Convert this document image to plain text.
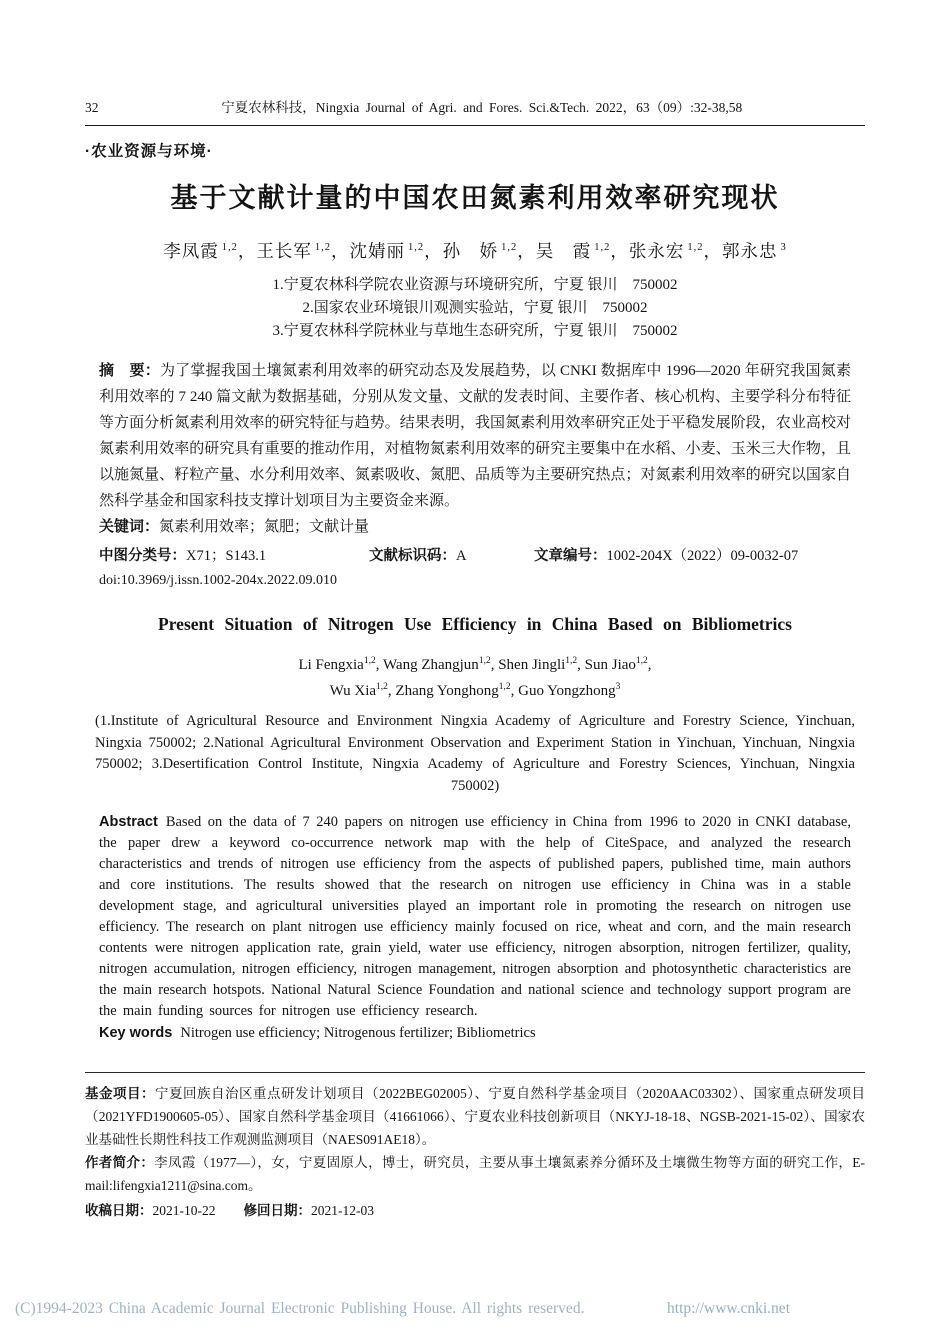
32	宁夏农林科技，Ningxia Journal of Agri. and Fores. Sci.&Tech. 2022，63（09）:32-38,58
·农业资源与环境·
基于文献计量的中国农田氮素利用效率研究现状
李凤霞 $^{1,2}$，王长军 $^{1,2}$，沈婧丽 $^{1,2}$，孙　娇 $^{1,2}$，吴　霞 $^{1,2}$，张永宏 $^{1,2}$，郭永忠 $^3$
1.宁夏农林科学院农业资源与环境研究所，宁夏 银川　750002
2.国家农业环境银川观测实验站，宁夏 银川　750002
3.宁夏农林科学院林业与草地生态研究所，宁夏 银川　750002

摘　要：为了掌握我国土壤氮素利用效率的研究动态及发展趋势，以 CNKI 数据库中 1996—2020 年研究我国氮素利用效率的 7 240 篇文献为数据基础，分别从发文量、文献的发表时间、主要作者、核心机构、主要学科分布特征等方面分析氮素利用效率的研究特征与趋势。结果表明，我国氮素利用效率研究正处于平稳发展阶段，农业高校对氮素利用效率的研究具有重要的推动作用，对植物氮素利用效率的研究主要集中在水稻、小麦、玉米三大作物，且以施氮量、籽粒产量、水分利用效率、氮素吸收、氮肥、品质等为主要研究热点；对氮素利用效率的研究以国家自然科学基金和国家科技支撑计划项目为主要资金来源。

关键词：氮素利用效率；氮肥；文献计量

中图分类号：X71；S143.1	文献标识码：A	文章编号：1002-204X（2022）09-0032-07
doi:10.3969/j.issn.1002-204x.2022.09.010
Present Situation of Nitrogen Use Efficiency in China Based on Bibliometrics
Li Fengxia$^{1,2}$, Wang Zhangjun$^{1,2}$, Shen Jingli$^{1,2}$, Sun Jiao$^{1,2}$,
Wu Xia$^{1,2}$, Zhang Yonghong$^{1,2}$, Guo Yongzhong$^3$
(1.Institute of Agricultural Resource and Environment Ningxia Academy of Agriculture and Forestry Science, Yinchuan, Ningxia 750002; 2.National Agricultural Environment Observation and Experiment Station in Yinchuan, Yinchuan, Ningxia 750002; 3.Desertification Control Institute, Ningxia Academy of Agriculture and Forestry Sciences, Yinchuan, Ningxia 750002)

Abstract Based on the data of 7 240 papers on nitrogen use efficiency in China from 1996 to 2020 in CNKI database, the paper drew a keyword co-occurrence network map with the help of CiteSpace, and analyzed the research characteristics and trends of nitrogen use efficiency from the aspects of published papers, published time, main authors and core institutions. The results showed that the research on nitrogen use efficiency in China was in a stable development stage, and agricultural universities played an important role in promoting the research on nitrogen use efficiency. The research on plant nitrogen use efficiency mainly focused on rice, wheat and corn, and the main research contents were nitrogen application rate, grain yield, water use efficiency, nitrogen absorption, nitrogen fertilizer, quality, nitrogen accumulation, nitrogen efficiency, nitrogen management, nitrogen absorption and photosynthetic characteristics are the main research hotspots. National Natural Science Foundation and national science and technology support program are the main funding sources for nitrogen use efficiency research.

Key words Nitrogen use efficiency; Nitrogenous fertilizer; Bibliometrics

基金项目：宁夏回族自治区重点研发计划项目（2022BEG02005）、宁夏自然科学基金项目（2020AAC03302）、国家重点研发项目（2021YFD1900605-05）、国家自然科学基金项目（41661066）、宁夏农业科技创新项目（NKYJ-18-18、NGSB-2021-15-02）、国家农业基础性长期性科技工作观测监测项目（NAES091AE18）。
作者简介：李凤霞（1977—），女，宁夏固原人，博士，研究员，主要从事土壤氮素养分循环及土壤微生物等方面的研究工作，E-mail:lifengxia1211@sina.com。
收稿日期：2021-10-22 修回日期：2021-12-03
(C)1994-2023 China Academic Journal Electronic Publishing House. All rights reserved.	http://www.cnki.net
